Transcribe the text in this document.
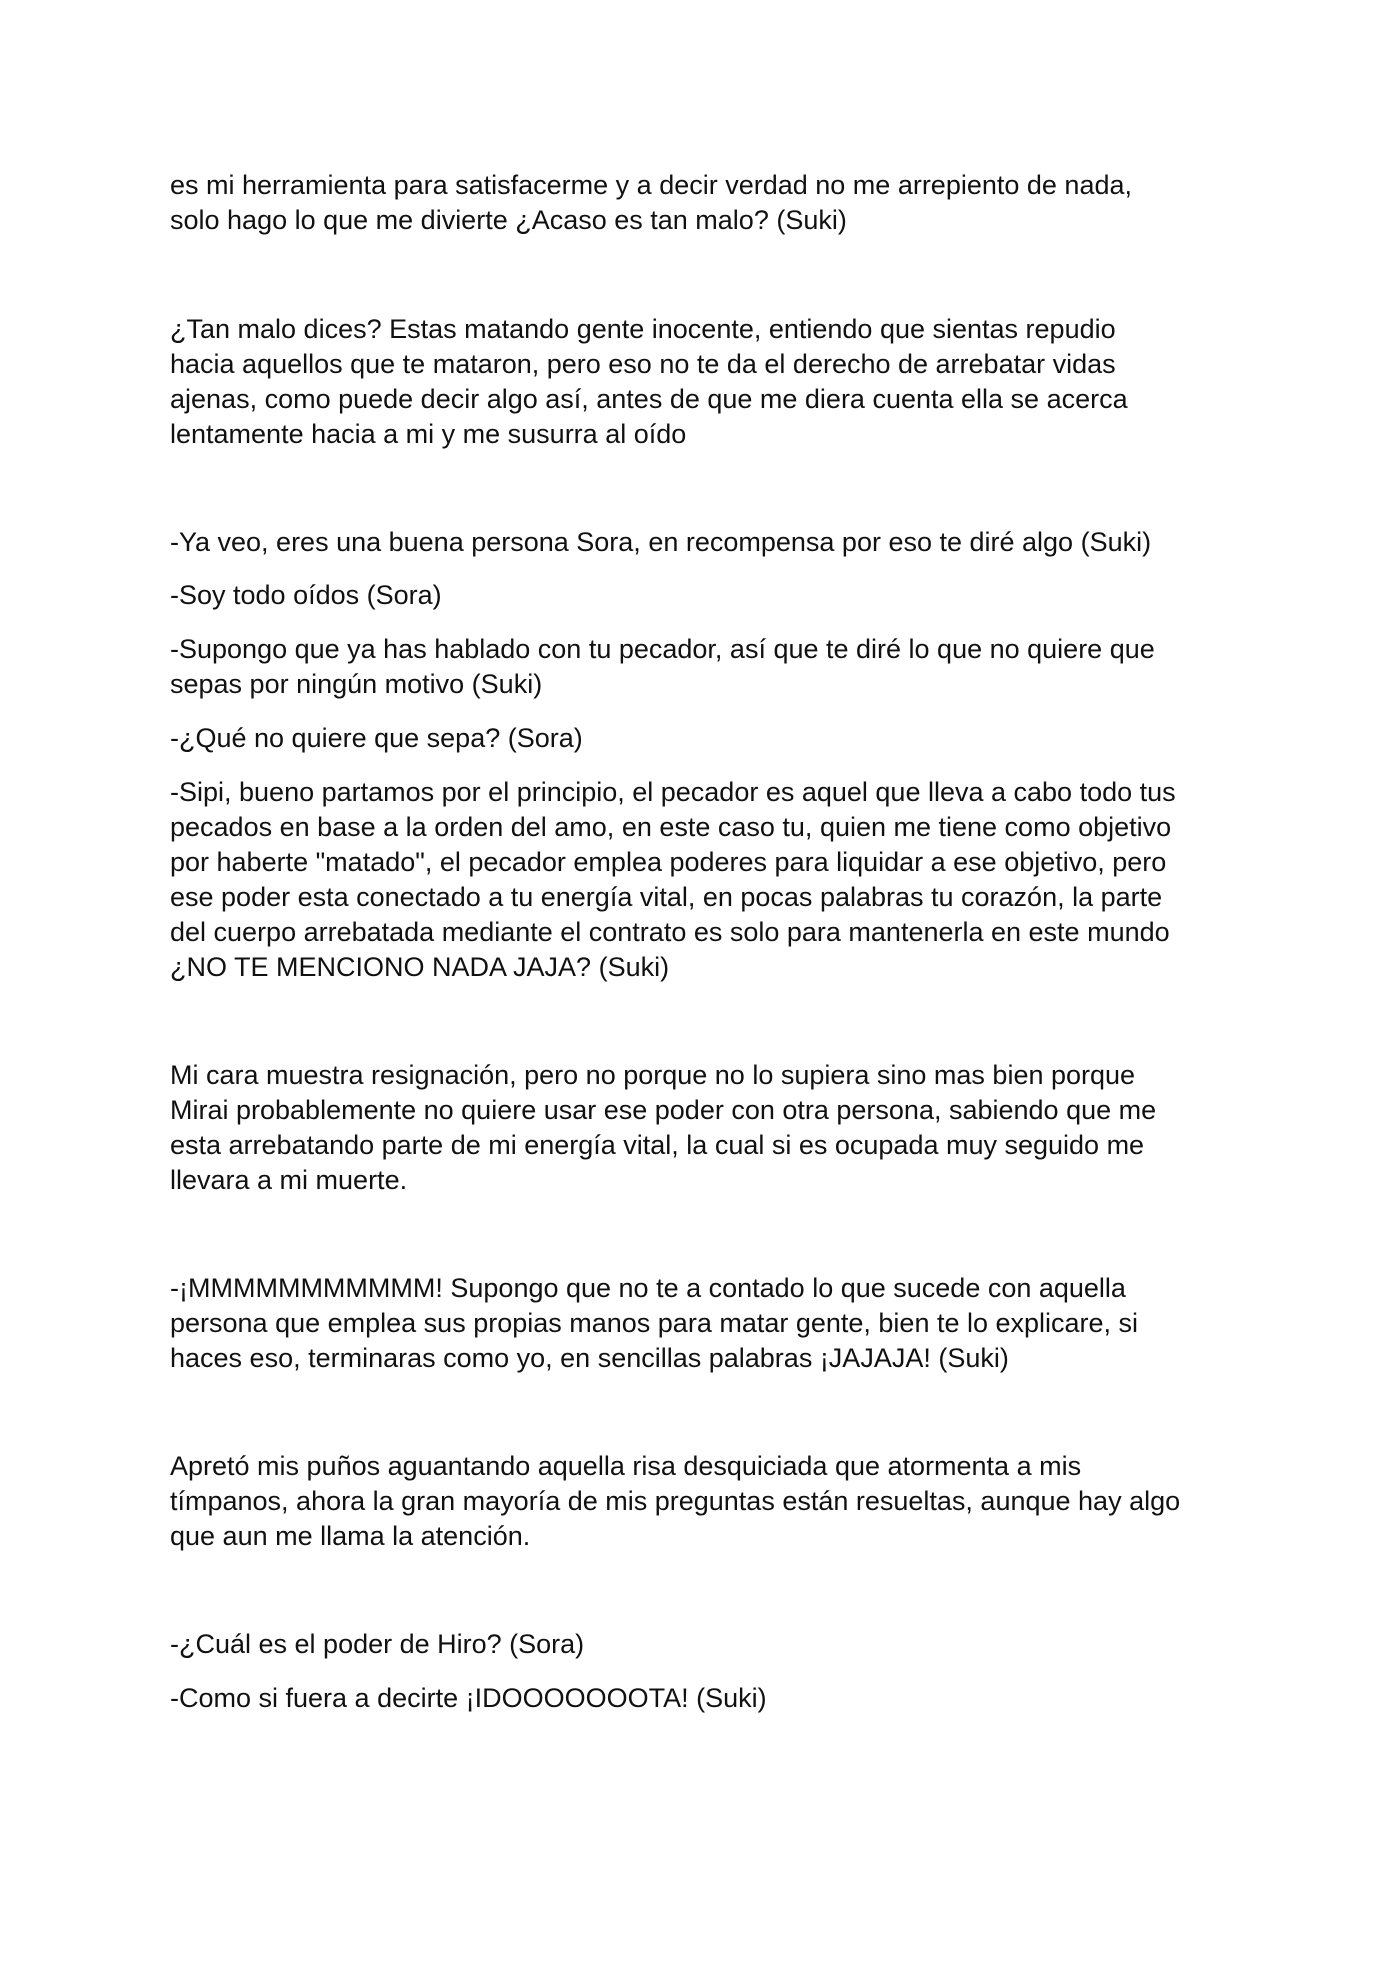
es mi herramienta para satisfacerme y a decir verdad no me arrepiento de nada,
solo hago lo que me divierte ¿Acaso es tan malo? (Suki)

¿Tan malo dices? Estas matando gente inocente, entiendo que sientas repudio
hacia aquellos que te mataron, pero eso no te da el derecho de arrebatar vidas
ajenas, como puede decir algo así, antes de que me diera cuenta ella se acerca
lentamente hacia a mi y me susurra al oído

-Ya veo, eres una buena persona Sora, en recompensa por eso te diré algo (Suki)

-Soy todo oídos (Sora)

-Supongo que ya has hablado con tu pecador, así que te diré lo que no quiere que
sepas por ningún motivo (Suki)

-¿Qué no quiere que sepa? (Sora)

-Sipi, bueno partamos por el principio, el pecador es aquel que lleva a cabo todo tus
pecados en base a la orden del amo, en este caso tu, quien me tiene como objetivo
por haberte "matado", el pecador emplea poderes para liquidar a ese objetivo, pero
ese poder esta conectado a tu energía vital, en pocas palabras tu corazón, la parte
del cuerpo arrebatada mediante el contrato es solo para mantenerla en este mundo
¿NO TE MENCIONO NADA JAJA? (Suki)

Mi cara muestra resignación, pero no porque no lo supiera sino mas bien porque
Mirai probablemente no quiere usar ese poder con otra persona, sabiendo que me
esta arrebatando parte de mi energía vital, la cual si es ocupada muy seguido me
llevara a mi muerte.

-¡MMMMMMMMMMM! Supongo que no te a contado lo que sucede con aquella
persona que emplea sus propias manos para matar gente, bien te lo explicare, si
haces eso, terminaras como yo, en sencillas palabras ¡JAJAJA! (Suki)

Apretó mis puños aguantando aquella risa desquiciada que atormenta a mis
tímpanos, ahora la gran mayoría de mis preguntas están resueltas, aunque hay algo
que aun me llama la atención.

-¿Cuál es el poder de Hiro? (Sora)

-Como si fuera a decirte ¡IDOOOOOOOTA! (Suki)
